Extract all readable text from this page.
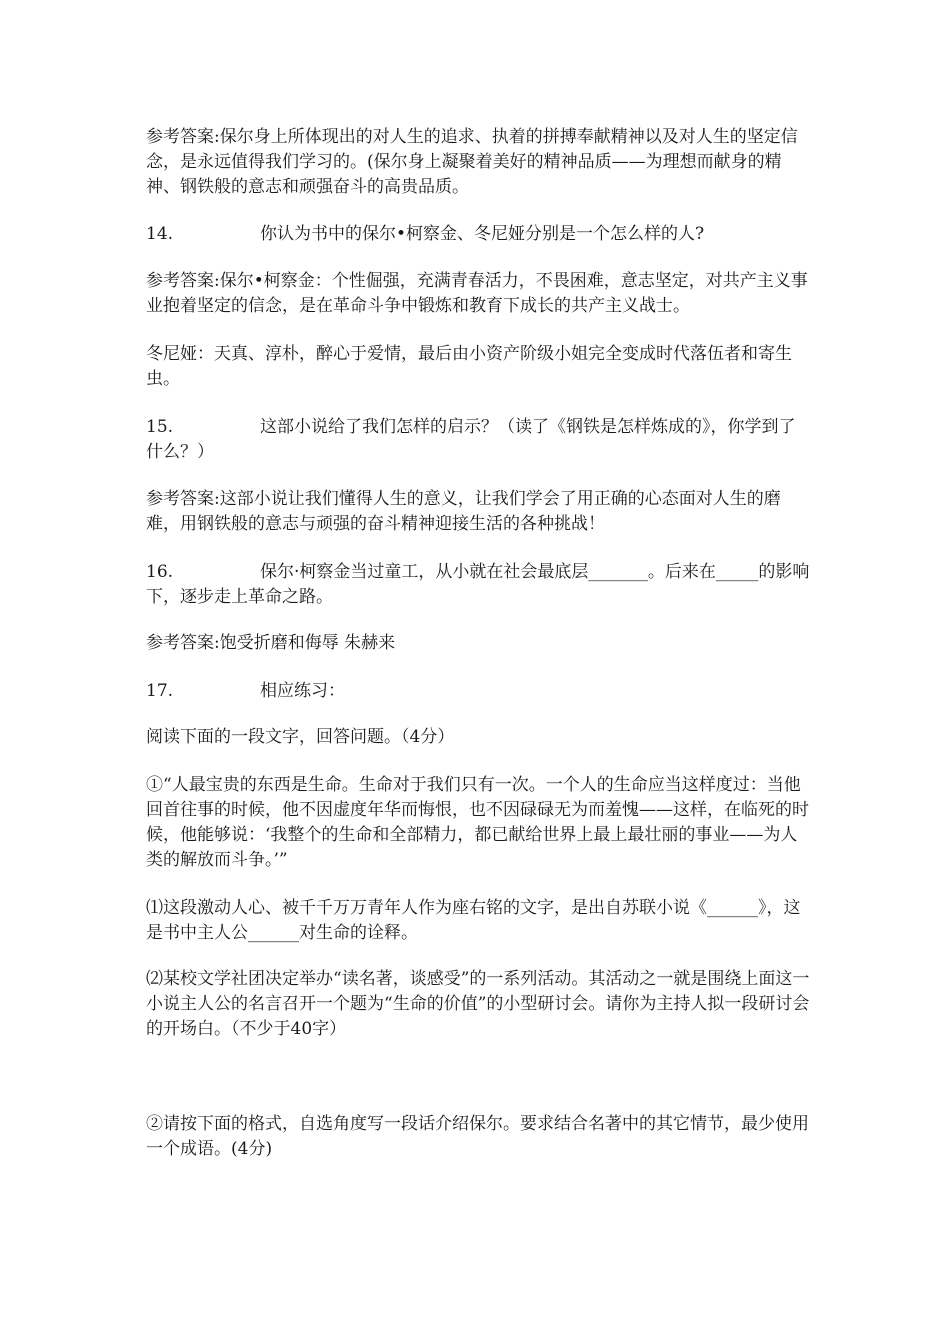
参考答案:保尔身上所体现出的对人生的追求、执着的拼搏奉献精神以及对人生的坚定信念，是永远值得我们学习的。(保尔身上凝聚着美好的精神品质——为理想而献身的精神、钢铁般的意志和顽强奋斗的高贵品质。

14.	你认为书中的保尔•柯察金、冬尼娅分别是一个怎么样的人?

参考答案:保尔•柯察金：个性倔强，充满青春活力，不畏困难，意志坚定，对共产主义事业抱着坚定的信念，是在革命斗争中锻炼和教育下成长的共产主义战士。

冬尼娅：天真、淳朴，醉心于爱情，最后由小资产阶级小姐完全变成时代落伍者和寄生虫。

15.	这部小说给了我们怎样的启示？（读了《钢铁是怎样炼成的》，你学到了什么？）

参考答案:这部小说让我们懂得人生的意义，让我们学会了用正确的心态面对人生的磨难，用钢铁般的意志与顽强的奋斗精神迎接生活的各种挑战！

16.	保尔·柯察金当过童工，从小就在社会最底层_______。后来在_____的影响下，逐步走上革命之路。

参考答案:饱受折磨和侮辱 朱赫来

17.	相应练习：

阅读下面的一段文字，回答问题。（4分）

①“人最宝贵的东西是生命。生命对于我们只有一次。一个人的生命应当这样度过：当他回首往事的时候，他不因虚度年华而悔恨，也不因碌碌无为而羞愧——这样，在临死的时候，他能够说：‘我整个的生命和全部精力，都已献给世界上最上最壮丽的事业——为人类的解放而斗争。’”

⑴这段激动人心、被千千万万青年人作为座右铭的文字，是出自苏联小说《______》，这是书中主人公______对生命的诠释。

⑵某校文学社团决定举办“读名著，谈感受”的一系列活动。其活动之一就是围绕上面这一小说主人公的名言召开一个题为“生命的价值”的小型研讨会。请你为主持人拟一段研讨会的开场白。（不少于40字）

②请按下面的格式，自选角度写一段话介绍保尔。要求结合名著中的其它情节，最少使用一个成语。(4分)
